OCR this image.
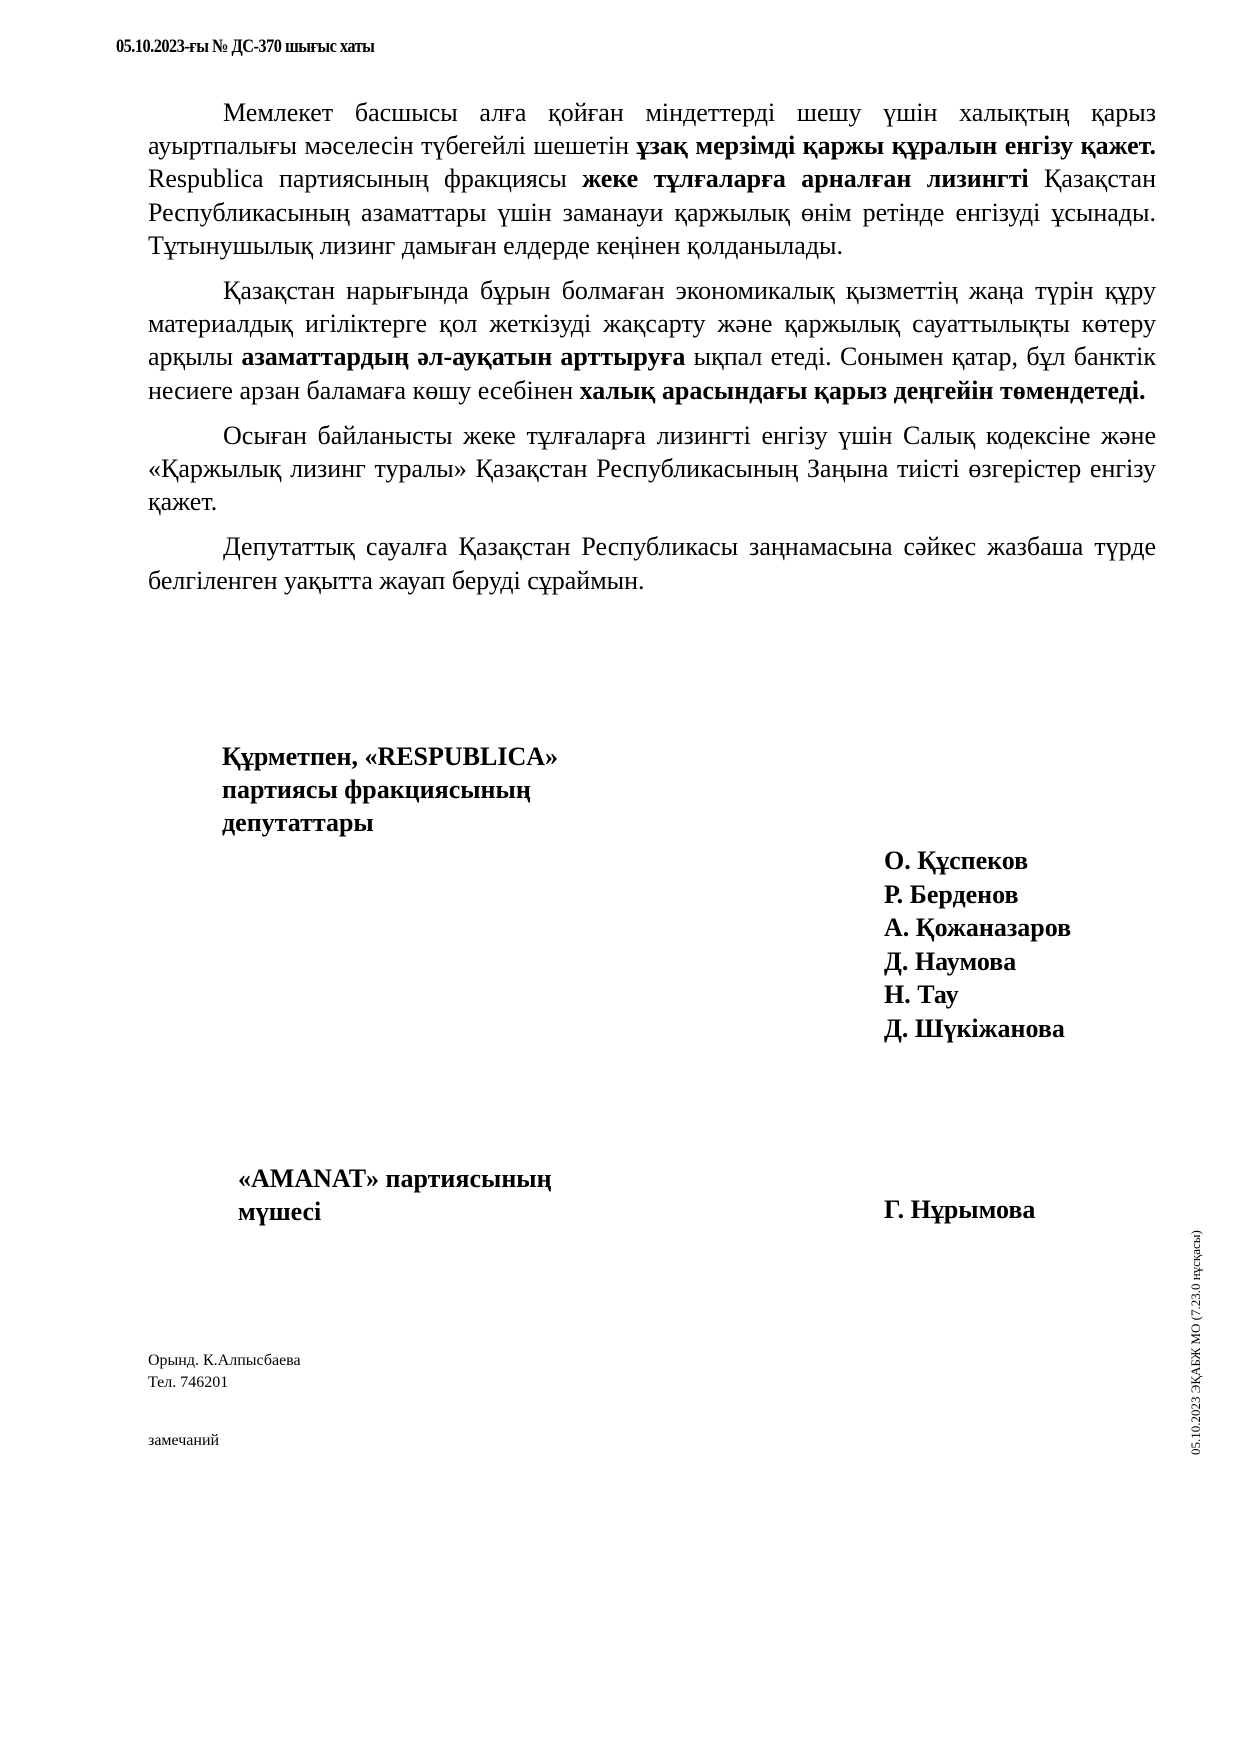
05.10.2023-ғы № ДС-370 шығыс хаты

Мемлекет басшысы алға қойған міндеттерді шешу үшін халықтың қарыз ауыртпалығы мәселесін түбегейлі шешетін ұзақ мерзімді қаржы құралын енгізу қажет. Respublica партиясының фракциясы жеке тұлғаларға арналған лизингті Қазақстан Республикасының азаматтары үшін заманауи қаржылық өнім ретінде енгізуді ұсынады. Тұтынушылық лизинг дамыған елдерде кеңінен қолданылады.

Қазақстан нарығында бұрын болмаған экономикалық қызметтің жаңа түрін құру материалдық игіліктерге қол жеткізуді жақсарту және қаржылық сауаттылықты көтеру арқылы азаматтардың әл-ауқатын арттыруға ықпал етеді. Сонымен қатар, бұл банктік несиеге арзан баламаға көшу есебінен халық арасындағы қарыз деңгейін төмендетеді.

Осыған байланысты жеке тұлғаларға лизингті енгізу үшін Салық кодексіне және «Қаржылық лизинг туралы» Қазақстан Республикасының Заңына тиісті өзгерістер енгізу қажет.

Депутаттық сауалға Қазақстан Республикасы заңнамасына сәйкес жазбаша түрде белгіленген уақытта жауап беруді сұраймын.

Құрметпен, «RESPUBLICA»
партиясы фракциясының
депутаттары
О. Құспеков
Р. Берденов
А. Қожаназаров
Д. Наумова
Н. Тау
Д. Шүкіжанова
«AMANAT» партиясының
мүшесі	Г. Нұрымова
Орынд. К.Алпысбаева
Тел. 746201
замечаний	05.10.2023 ЭҚАБЖ МО (7.23.0 нұсқасы)
